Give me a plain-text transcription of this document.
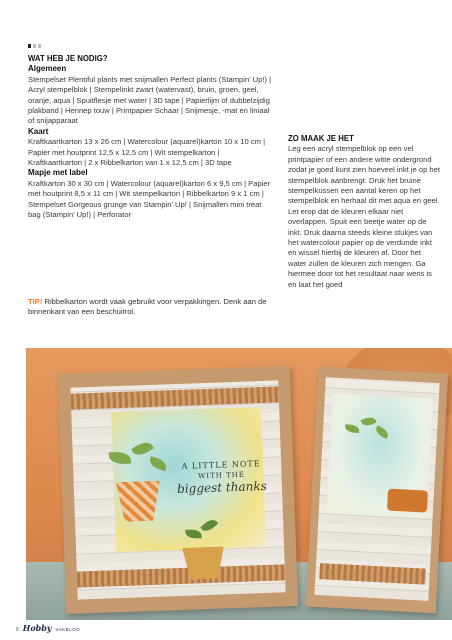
WAT HEB JE NODIG?
Algemeen

Stempelset Plentiful plants met snijmallen Perfect plants (Stampin’ Up!) | Acryl stempelblok | Stempelinkt zwart (watervast), bruin, groen, geel, oranje, aqua | Spuitflesje met water | 3D tape | Papierlijm of dubbelzijdig plakband | Hennep touw | Printpapier Schaar | Snijmesje, -mat en liniaal of snijapparaat

Kaart

Kraftkaartkarton 13 x 26 cm | Watercolour (aquarel)karton 10 x 10 cm | Papier met houtprint 12,5 x 12,5 cm | Wit stempelkarton | Kraftkaartkarton | 2 x Ribbelkarton van 1 x 12,5 cm | 3D tape

Mapje met label

Kraftkarton 30 x 30 cm | Watercolour (aquarel)karton 6 x 9,5 cm | Papier met houtprint 8,5 x 11 cm | Wit stempelkarton | Ribbelkarton 9 x 1 cm | Stempelset Gorgeous grunge van Stampin’ Up! | Snijmallen mini treat bag (Stampin’ Up!) | Perforator

ZO MAAK JE HET

Leg een acryl stempelblok op een vel printpapier of een andere witte ondergrond zodat je goed kunt zien hoeveel inkt je op het stempelblok aanbrengt. Druk het bruine stempelkussen een aantal keren op het stempelblok en herhaal dit met aqua en geel. Let erop dat de kleuren elkaar niet overlappen. Spuit een beetje water op de inkt. Druk daarna steeds kleine stukjes van het watercolour papier op de verdunde inkt en wissel hierbij de kleuren af. Door het water zullen de kleuren zich mengen. Ga hiermee door tot het resultaat naar wens is en laat het goed

TIP! Ribbelkarton wordt vaak gebruikt voor verpakkingen. Denk aan de binnenkant van een beschuitrol.
A LITTLE NOTE
WITH THE
biggest thanks
8 Hobby VAKBLOG
